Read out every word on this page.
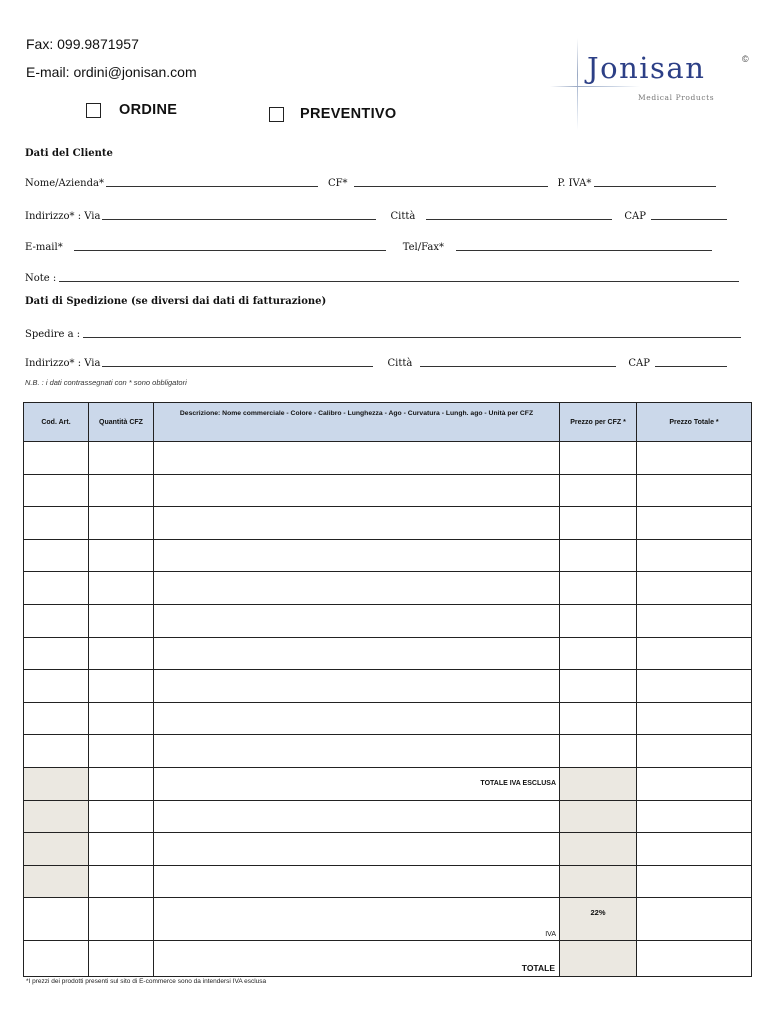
Fax: 099.9871957
E-mail: ordini@jonisan.com
ORDINE	PREVENTIVO
Jonisan	©
Medical Products
Dati del Cliente
Nome/Azienda*	CF*	P. IVA*
Indirizzo* : Via	Città	CAP
E-mail*	Tel/Fax*
Note :
Dati di Spedizione (se diversi dai dati di fatturazione)
Spedire a :
Indirizzo* : Via	Città	CAP
N.B. : i dati contrassegnati con * sono obbligatori
Cod. Art.	Quantità CFZ	Descrizione: Nome commerciale - Colore - Calibro - Lunghezza - Ago - Curvatura - Lungh. ago - Unità per CFZ	Prezzo per CFZ *	Prezzo Totale *

		TOTALE IVA ESCLUSA		

		IVA	22%	
		TOTALE		
*I prezzi dei prodotti presenti sul sito di E-commerce sono da intendersi IVA esclusa
